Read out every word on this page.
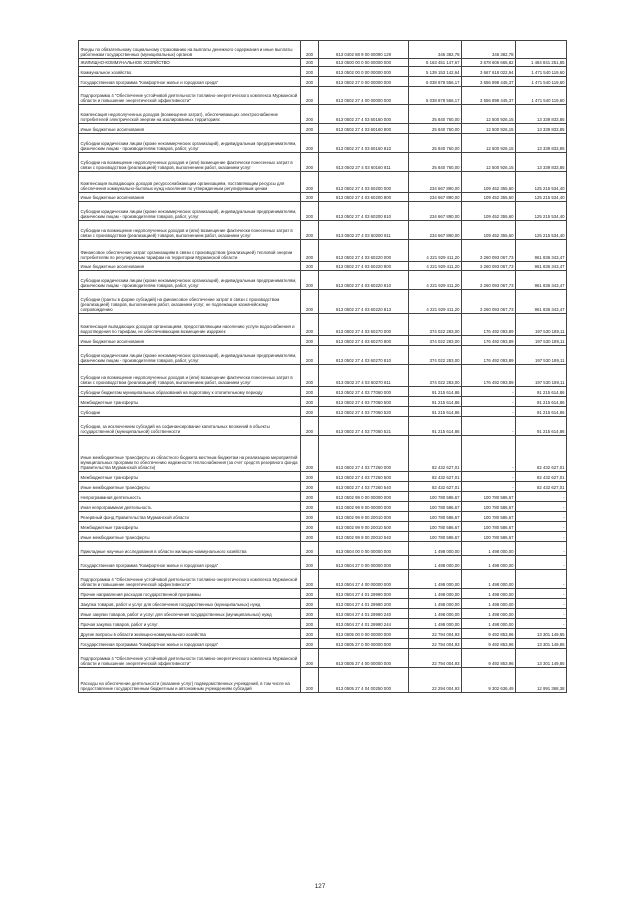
Фонды по обязательному социальному страхованию на выплаты денежного содержания и иные выплаты работникам государственных (муниципальных) органов	200	813 0402 88 9 00 00090 129	346 382,78	346 382,78	
ЖИЛИЩНО-КОММУНАЛЬНОЕ ХОЗЯЙСТВО	200	813 0500 00 0 00 00000 000	5 163 451 147,67	3 678 606 665,82	1 484 841 251,85
Коммунальное хозяйство	200	813 0502 00 0 00 00000 000	5 139 153 142,64	3 667 618 022,94	1 471 540 119,60
Государственная программа "Комфортное жилье и городская среда"	200	813 0502 27 0 00 00000 000	5 038 878 556,17	3 556 898 445,37	1 471 540 119,60
Подпрограмма 4 "Обеспечение устойчивой деятельности топливно-энергетического комплекса Мурманской области и повышение энергетической эффективности"	200	813 0502 27 4 00 00000 000	5 038 878 556,17	3 556 898 445,37	1 471 540 119,60
Компенсация недополученных доходов (возмещение затрат), обеспечивающих электроснабжение потребителей электрической энергии на изолированных территориях	200	813 0502 27 4 03 60160 000	25 840 760,00	12 500 926,15	13 339 833,85
Иные бюджетные ассигнования	200	813 0502 27 4 03 60160 800	25 840 760,00	12 500 926,15	13 339 833,85
Субсидии юридическим лицам (кроме некоммерческих организаций), индивидуальным предпринимателям, физическим лицам - производителям товаров, работ, услуг	200	813 0502 27 4 03 60160 810	25 840 760,00	12 500 926,15	13 339 833,85
Субсидии на возмещение недополученных доходов и (или) возмещение фактически понесенных затрат в связи с производством (реализацией) товаров, выполнением работ, оказанием услуг	200	813 0502 27 4 03 60160 811	25 840 760,00	12 500 926,15	13 339 833,85
Компенсация выпадающих доходов ресурсоснабжающим организациям, поставляющим ресурсы для обеспечения коммунально-бытовых нужд населения по утвержденным регулируемым ценам	200	813 0502 27 4 03 60200 000	234 667 890,00	109 452 355,60	125 215 534,40
Иные бюджетные ассигнования	200	813 0502 27 4 03 60200 800	234 667 890,00	109 452 355,60	125 215 534,40
Субсидии юридическим лицам (кроме некоммерческих организаций), индивидуальным предпринимателям, физическим лицам - производителям товаров, работ, услуг	200	813 0502 27 4 03 60200 810	234 667 890,00	109 452 355,60	125 215 534,40
Субсидии на возмещение недополученных доходов и (или) возмещение фактически понесенных затрат в связи с производством (реализацией) товаров, выполнением работ, оказанием услуг	200	813 0502 27 4 03 60200 811	234 667 890,00	109 452 355,60	125 215 534,40
Финансовое обеспечение затрат организациям в связи с производством (реализацией) тепловой энергии потребителям по регулируемым тарифам на территории Мурманской области	200	813 0502 27 4 03 60220 000	4 221 929 411,20	3 260 093 067,73	961 836 343,47
Иные бюджетные ассигнования	200	813 0502 27 4 03 60220 800	4 221 929 411,20	3 260 093 067,73	961 836 343,47
Субсидии юридическим лицам (кроме некоммерческих организаций), индивидуальным предпринимателям, физическим лицам - производителям товаров, работ, услуг	200	813 0502 27 4 03 60220 810	4 221 929 411,20	3 260 093 067,73	961 836 343,47
Субсидии (гранты в форме субсидий) на финансовое обеспечение затрат в связи с производством (реализацией) товаров, выполнением работ, оказанием услуг, не подлежащие казначейскому сопровождению	200	813 0502 27 4 03 60220 813	4 221 929 411,20	3 260 093 067,73	961 836 343,47
Компенсация выпадающих доходов организациям, предоставляющим населению услуги водоснабжения и водоотведения по тарифам, не обеспечивающим возмещение издержек	200	813 0502 27 4 03 60270 000	374 022 283,00	176 492 093,89	197 530 189,11
Иные бюджетные ассигнования	200	813 0502 27 4 03 60270 800	374 022 283,00	176 492 093,89	197 530 189,11
Субсидии юридическим лицам (кроме некоммерческих организаций), индивидуальным предпринимателям, физическим лицам - производителям товаров, работ, услуг	200	813 0502 27 4 03 60270 810	374 022 283,00	176 492 093,89	197 530 189,11
Субсидии на возмещение недополученных доходов и (или) возмещение фактически понесенных затрат в связи с производством (реализацией) товаров, выполнением работ, оказанием услуг	200	813 0502 27 4 03 60270 811	374 022 283,00	176 492 093,89	197 530 189,11
Субсидии бюджетам муниципальных образований на подготовку к отопительному периоду	200	813 0502 27 4 03 77060 000	91 215 614,86	-	91 215 614,86
Межбюджетные трансферты	200	813 0502 27 4 03 77060 500	91 215 614,86	-	91 215 614,86
Субсидии	200	813 0502 27 4 03 77060 520	91 215 614,86	-	91 215 614,86
Субсидии, за исключением субсидий на софинансирование капитальных вложений в объекты государственной (муниципальной) собственности	200	813 0502 27 4 03 77060 521	91 215 614,86	-	91 215 614,86
Иные межбюджетные трансферты из областного бюджета местным бюджетам на реализацию мероприятий муниципальных программ по обеспечению надежности теплоснабжения (за счет средств резервного фонда Правительства Мурманской области)	200	813 0502 27 4 03 77260 000	82 432 627,01	-	82 432 627,01
Межбюджетные трансферты	200	813 0502 27 4 03 77260 500	82 432 627,01	-	82 432 627,01
Иные межбюджетные трансферты	200	813 0502 27 4 03 77260 540	82 432 627,01	-	82 432 627,01
Непрограммная деятельность	200	813 0502 99 0 00 00000 000	100 780 586,67	100 780 586,67	-
Иная непрограммная деятельность	200	813 0502 99 9 00 00000 000	100 780 586,67	100 780 586,67	-
Резервный фонд Правительства Мурманской области	200	813 0502 99 9 00 20010 000	100 780 586,67	100 780 586,67	-
Межбюджетные трансферты	200	813 0502 99 9 00 20010 500	100 780 586,67	100 780 586,67	-
Иные межбюджетные трансферты	200	813 0502 99 9 00 20010 540	100 780 586,67	100 780 586,67	-
Прикладные научные исследования в области жилищно-коммунального хозяйства	200	813 0504 00 0 00 00000 000	1 498 000,00	1 498 000,00	-
Государственная программа "Комфортное жилье и городская среда"	200	813 0504 27 0 00 00000 000	1 498 000,00	1 498 000,00	-
Подпрограмма 4 "Обеспечение устойчивой деятельности топливно-энергетического комплекса Мурманской области и повышение энергетической эффективности"	200	813 0504 27 4 00 00000 000	1 498 000,00	1 498 000,00	-
Прочие направления расходов государственной программы	200	813 0504 27 4 01 29990 000	1 498 000,00	1 498 000,00	-
Закупка товаров, работ и услуг для обеспечения государственных (муниципальных) нужд	200	813 0504 27 4 01 29990 200	1 498 000,00	1 498 000,00	-
Иные закупки товаров, работ и услуг для обеспечения государственных (муниципальных) нужд	200	813 0504 27 4 01 29990 240	1 498 000,00	1 498 000,00	-
Прочая закупка товаров, работ и услуг	200	813 0504 27 4 01 29990 244	1 498 000,00	1 498 000,00	-
Другие вопросы в области жилищно-коммунального хозяйства	200	813 0505 00 0 00 00000 000	22 794 004,93	9 492 853,96	13 301 149,85
Государственная программа "Комфортное жилье и городская среда"	200	813 0505 27 0 00 00000 000	22 794 004,93	9 492 853,96	13 301 149,85
Подпрограмма 4 "Обеспечение устойчивой деятельности топливно-энергетического комплекса Мурманской области и повышение энергетической эффективности"	200	813 0505 27 4 00 00000 000	22 794 004,93	9 492 853,96	13 301 149,85
Расходы на обеспечение деятельности (оказание услуг) подведомственных учреждений, в том числе на предоставление государственным бюджетным и автономным учреждениям субсидий	200	813 0505 27 4 04 00250 000	22 294 004,93	9 302 636,49	12 991 368,38
127
